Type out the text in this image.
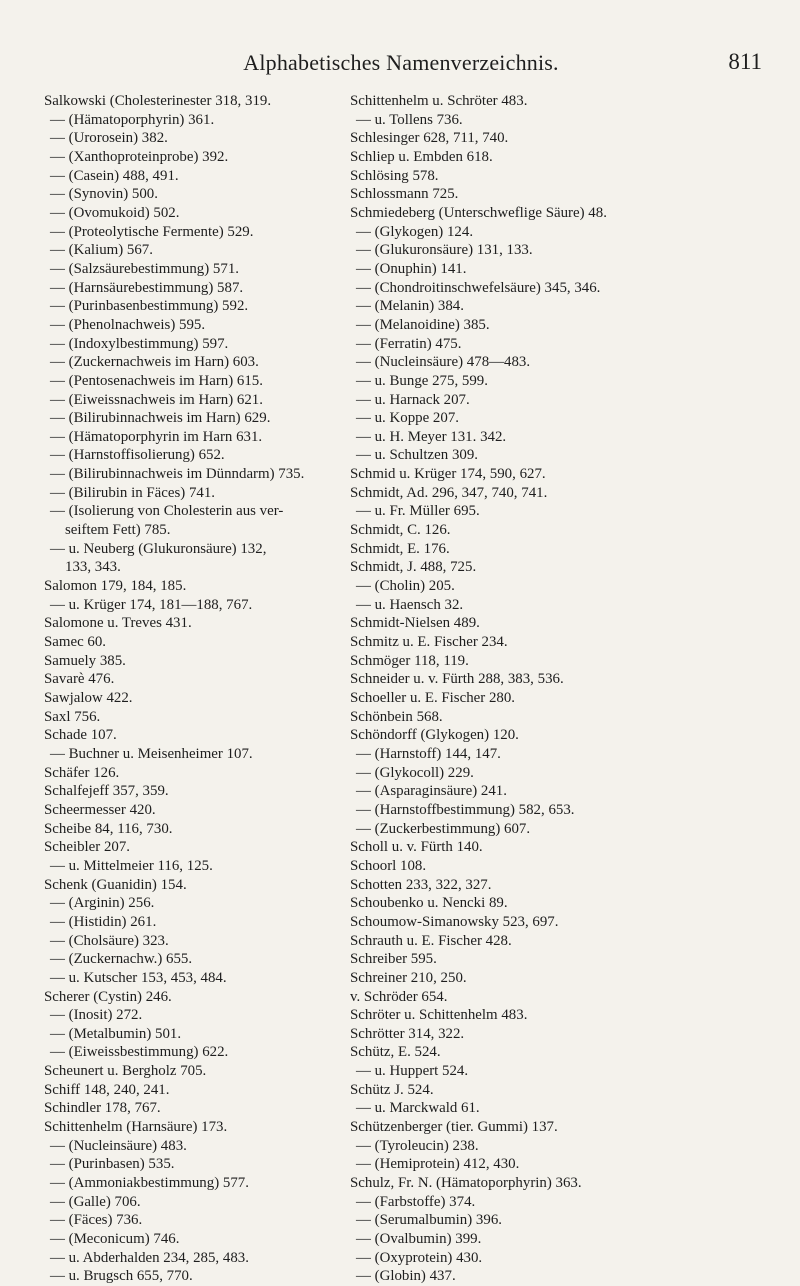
Alphabetisches Namenverzeichnis.	811
Salkowski (Cholesterinester 318, 319.
— (Hämatoporphyrin) 361.
— (Urorosein) 382.
— (Xanthoproteinprobe) 392.
— (Casein) 488, 491.
— (Synovin) 500.
— (Ovomukoid) 502.
— (Proteolytische Fermente) 529.
— (Kalium) 567.
— (Salzsäurebestimmung) 571.
— (Harnsäurebestimmung) 587.
— (Purinbasenbestimmung) 592.
— (Phenolnachweis) 595.
— (Indoxylbestimmung) 597.
— (Zuckernachweis im Harn) 603.
— (Pentosenachweis im Harn) 615.
— (Eiweissnachweis im Harn) 621.
— (Bilirubinnachweis im Harn) 629.
— (Hämatoporphyrin im Harn 631.
— (Harnstoffisolierung) 652.
— (Bilirubinnachweis im Dünndarm) 735.
— (Bilirubin in Fäces) 741.
— (Isolierung von Cholesterin aus ver-
seiftem Fett) 785.
— u. Neuberg (Glukuronsäure) 132,
133, 343.
Salomon 179, 184, 185.
— u. Krüger 174, 181—188, 767.
Salomone u. Treves 431.
Samec 60.
Samuely 385.
Savarè 476.
Sawjalow 422.
Saxl 756.
Schade 107.
— Buchner u. Meisenheimer 107.
Schäfer 126.
Schalfejeff 357, 359.
Scheermesser 420.
Scheibe 84, 116, 730.
Scheibler 207.
— u. Mittelmeier 116, 125.
Schenk (Guanidin) 154.
— (Arginin) 256.
— (Histidin) 261.
— (Cholsäure) 323.
— (Zuckernachw.) 655.
— u. Kutscher 153, 453, 484.
Scherer (Cystin) 246.
— (Inosit) 272.
— (Metalbumin) 501.
— (Eiweissbestimmung) 622.
Scheunert u. Bergholz 705.
Schiff 148, 240, 241.
Schindler 178, 767.
Schittenhelm (Harnsäure) 173.
— (Nucleinsäure) 483.
— (Purinbasen) 535.
— (Ammoniakbestimmung) 577.
— (Galle) 706.
— (Fäces) 736.
— (Meconicum) 746.
— u. Abderhalden 234, 285, 483.
— u. Brugsch 655, 770.
Schittenhelm u. Schröter 483.
— u. Tollens 736.
Schlesinger 628, 711, 740.
Schliep u. Embden 618.
Schlösing 578.
Schlossmann 725.
Schmiedeberg (Unterschweflige Säure) 48.
— (Glykogen) 124.
— (Glukuronsäure) 131, 133.
— (Onuphin) 141.
— (Chondroitinschwefelsäure) 345, 346.
— (Melanin) 384.
— (Melanoidine) 385.
— (Ferratin) 475.
— (Nucleinsäure) 478—483.
— u. Bunge 275, 599.
— u. Harnack 207.
— u. Koppe 207.
— u. H. Meyer 131. 342.
— u. Schultzen 309.
Schmid u. Krüger 174, 590, 627.
Schmidt, Ad. 296, 347, 740, 741.
— u. Fr. Müller 695.
Schmidt, C. 126.
Schmidt, E. 176.
Schmidt, J. 488, 725.
— (Cholin) 205.
— u. Haensch 32.
Schmidt-Nielsen 489.
Schmitz u. E. Fischer 234.
Schmöger 118, 119.
Schneider u. v. Fürth 288, 383, 536.
Schoeller u. E. Fischer 280.
Schönbein 568.
Schöndorff (Glykogen) 120.
— (Harnstoff) 144, 147.
— (Glykocoll) 229.
— (Asparaginsäure) 241.
— (Harnstoffbestimmung) 582, 653.
— (Zuckerbestimmung) 607.
Scholl u. v. Fürth 140.
Schoorl 108.
Schotten 233, 322, 327.
Schoubenko u. Nencki 89.
Schoumow-Simanowsky 523, 697.
Schrauth u. E. Fischer 428.
Schreiber 595.
Schreiner 210, 250.
v. Schröder 654.
Schröter u. Schittenhelm 483.
Schrötter 314, 322.
Schütz, E. 524.
— u. Huppert 524.
Schütz J. 524.
— u. Marckwald 61.
Schützenberger (tier. Gummi) 137.
— (Tyroleucin) 238.
— (Hemiprotein) 412, 430.
Schulz, Fr. N. (Hämatoporphyrin) 363.
— (Farbstoffe) 374.
— (Serumalbumin) 396.
— (Ovalbumin) 399.
— (Oxyprotein) 430.
— (Globin) 437.
